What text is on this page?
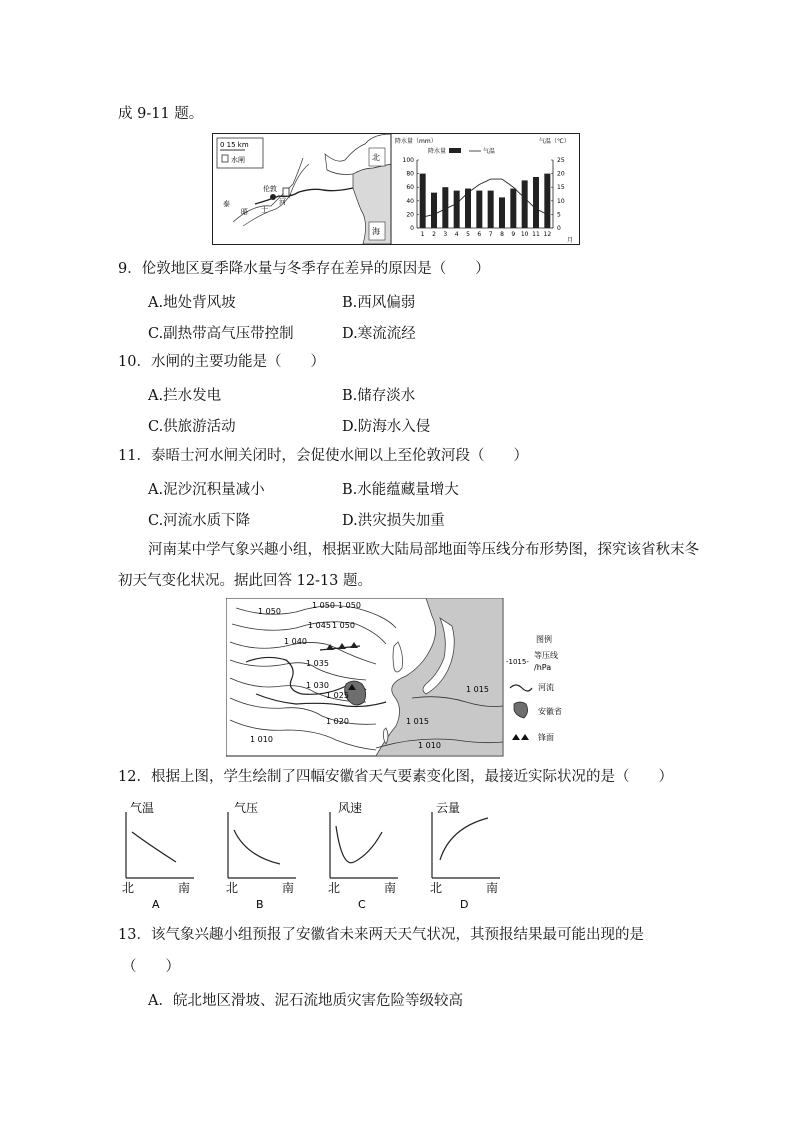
成 9-11 题。
0 15 km
水闸	北
海
伦敦
泰
晤 士
河
降水量（mm）	气温（℃）
降水量	气温
0
20
40
60
80
100
0
5
10
15
20
25
1 2 3 4 5 6 7 8 9 10 11 12
月
9．伦敦地区夏季降水量与冬季存在差异的原因是（　　）
A.地处背风坡	B.西风偏弱
C.副热带高气压带控制	D.寒流流经
10．水闸的主要功能是（　　）
A.拦水发电	B.储存淡水
C.供旅游活动	D.防海水入侵
11．泰晤士河水闸关闭时，会促使水闸以上至伦敦河段（　　）
A.泥沙沉积量减小	B.水能蕴藏量增大
C.河流水质下降	D.洪灾损失加重
河南某中学气象兴趣小组，根据亚欧大陆局部地面等压线分布形势图，探究该省秋末冬
初天气变化状况。据此回答 12-13 题。
1 050
1 050 1 050
1 045 1 050
1 040
1 035
1 030
1 025
1 020	1 015
1 015
1 010
1 010
图例
-1015-
等压线
/hPa
河流
安徽省
锋面
12．根据上图，学生绘制了四幅安徽省天气要素变化图，最接近实际状况的是（　　）
气温
北	南
A
气压
北	南
B
风速
北	南
C
云量
北	南
D
13．该气象兴趣小组预报了安徽省未来两天天气状况，其预报结果最可能出现的是
（　　）
A．皖北地区滑坡、泥石流地质灾害危险等级较高
